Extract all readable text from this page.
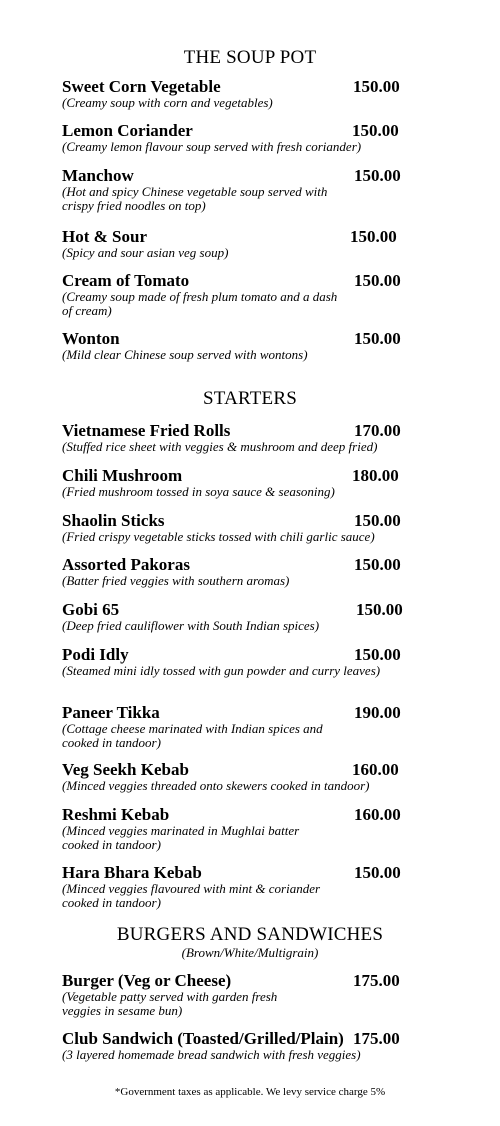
THE SOUP POT
Sweet Corn Vegetable	150.00
(Creamy soup with corn and vegetables)
Lemon Coriander	150.00
(Creamy lemon flavour soup served with fresh coriander)
Manchow	150.00
(Hot and spicy Chinese vegetable soup served with crispy fried noodles on top)
Hot & Sour	150.00
(Spicy and sour asian veg soup)
Cream of Tomato	150.00
(Creamy soup made of fresh plum tomato and a dash of cream)
Wonton	150.00
(Mild clear Chinese soup served with wontons)
STARTERS
Vietnamese Fried Rolls	170.00
(Stuffed rice sheet with veggies & mushroom and deep fried)
Chili Mushroom	180.00
(Fried mushroom tossed in soya sauce & seasoning)
Shaolin Sticks	150.00
(Fried crispy vegetable sticks tossed with chili garlic sauce)
Assorted Pakoras	150.00
(Batter fried veggies with southern aromas)
Gobi 65	150.00
(Deep fried cauliflower with South Indian spices)
Podi Idly	150.00
(Steamed mini idly tossed with gun powder and curry leaves)
Paneer Tikka	190.00
(Cottage cheese marinated with Indian spices and cooked in tandoor)
Veg Seekh Kebab	160.00
(Minced veggies threaded onto skewers cooked in tandoor)
Reshmi Kebab	160.00
(Minced veggies marinated in Mughlai batter cooked in tandoor)
Hara Bhara Kebab	150.00
(Minced veggies flavoured with mint & coriander cooked in tandoor)
BURGERS AND SANDWICHES
(Brown/White/Multigrain)
Burger (Veg or Cheese)	175.00
(Vegetable patty served with garden fresh veggies in sesame bun)
Club Sandwich (Toasted/Grilled/Plain) 175.00
(3 layered homemade bread sandwich with fresh veggies)
*Government taxes as applicable. We levy service charge 5%
